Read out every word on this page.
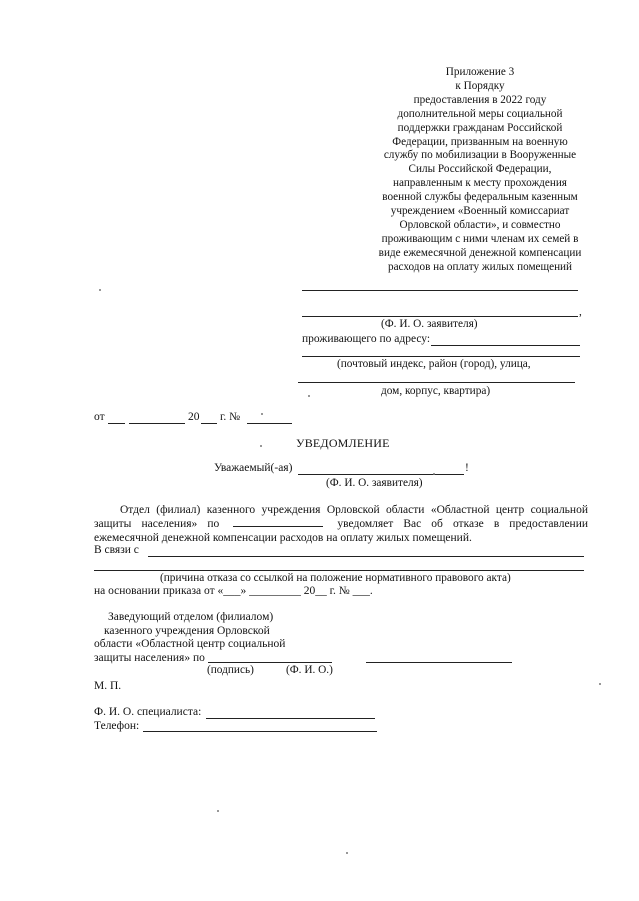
Приложение 3
к Порядку
предоставления в 2022 году
дополнительной меры социальной
поддержки гражданам Российской
Федерации, призванным на военную
службу по мобилизации в Вооруженные
Силы Российской Федерации,
направленным к месту прохождения
военной службы федеральным казенным
учреждением «Военный комиссариат
Орловской области», и совместно
проживающим с ними членам их семей в
виде ежемесячной денежной компенсации
расходов на оплату жилых помещений
,
(Ф. И. О. заявителя)
проживающего по адресу:
(почтовый индекс, район (город), улица,
дом, корпус, квартира)
от	20 г. №
УВЕДОМЛЕНИЕ
Уважаемый(-ая)	!
(Ф. И. О. заявителя)
Отдел (филиал) казенного учреждения Орловской области «Областной центр социальной защиты населения» по	уведомляет Вас об отказе в предоставлении ежемесячной денежной компенсации расходов на оплату жилых помещений.
В связи с
(причина отказа со ссылкой на положение нормативного правового акта)
на основании приказа от «___» _________ 20__ г. № ___.
Заведующий отделом (филиалом)
казенного учреждения Орловской
области «Областной центр социальной
защиты населения» по
(подпись)	(Ф. И. О.)
М. П.
Ф. И. О. специалиста:
Телефон:
